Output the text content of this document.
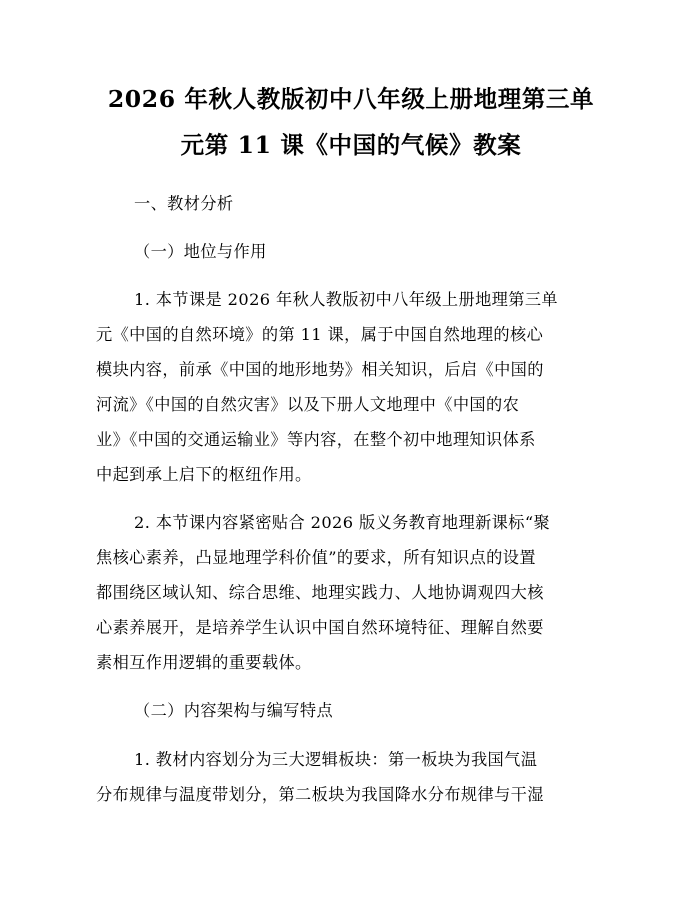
2026 年秋人教版初中八年级上册地理第三单
元第 11 课《中国的气候》教案
一、教材分析
（一）地位与作用
1. 本节课是 2026 年秋人教版初中八年级上册地理第三单
元《中国的自然环境》的第 11 课，属于中国自然地理的核心
模块内容，前承《中国的地形地势》相关知识，后启《中国的
河流》《中国的自然灾害》以及下册人文地理中《中国的农
业》《中国的交通运输业》等内容，在整个初中地理知识体系
中起到承上启下的枢纽作用。
2. 本节课内容紧密贴合 2026 版义务教育地理新课标“聚
焦核心素养，凸显地理学科价值”的要求，所有知识点的设置
都围绕区域认知、综合思维、地理实践力、人地协调观四大核
心素养展开，是培养学生认识中国自然环境特征、理解自然要
素相互作用逻辑的重要载体。
（二）内容架构与编写特点
1. 教材内容划分为三大逻辑板块：第一板块为我国气温
分布规律与温度带划分，第二板块为我国降水分布规律与干湿
